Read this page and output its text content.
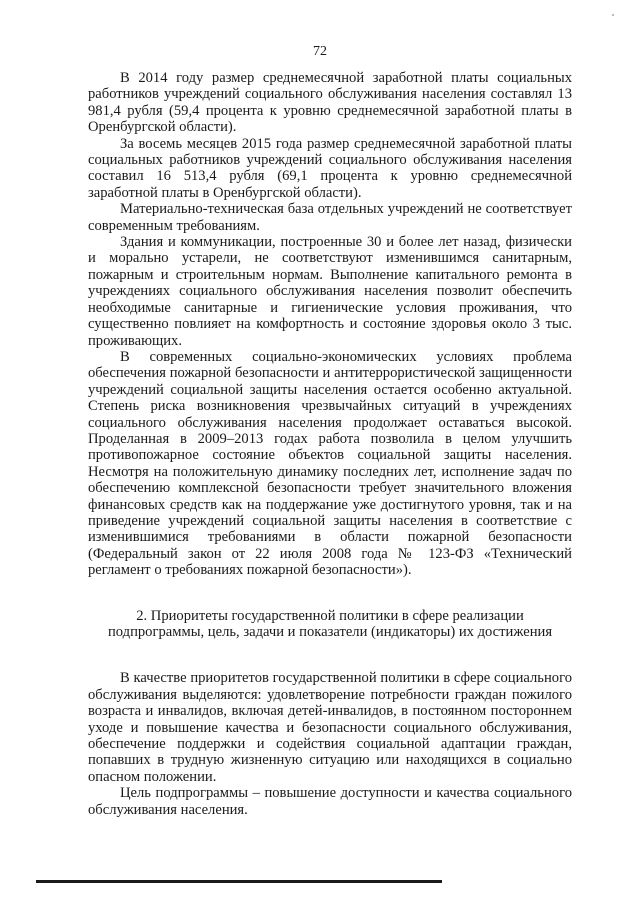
72

В 2014 году размер среднемесячной заработной платы социальных работников учреждений социального обслуживания населения составлял 13 981,4 рубля (59,4 процента к уровню среднемесячной заработной платы в Оренбургской области).

За восемь месяцев 2015 года размер среднемесячной заработной платы социальных работников учреждений социального обслуживания населения составил 16 513,4 рубля (69,1 процента к уровню среднемесячной заработной платы в Оренбургской области).

Материально-техническая база отдельных учреждений не соответствует современным требованиям.

Здания и коммуникации, построенные 30 и более лет назад, физически и морально устарели, не соответствуют изменившимся санитарным, пожарным и строительным нормам. Выполнение капитального ремонта в учреждениях социального обслуживания населения позволит обеспечить необходимые санитарные и гигиенические условия проживания, что существенно повлияет на комфортность и состояние здоровья около 3 тыс. проживающих.

В современных социально-экономических условиях проблема обеспечения пожарной безопасности и антитеррористической защищенности учреждений социальной защиты населения остается особенно актуальной. Степень риска возникновения чрезвычайных ситуаций в учреждениях социального обслуживания населения продолжает оставаться высокой. Проделанная в 2009–2013 годах работа позволила в целом улучшить противопожарное состояние объектов социальной защиты населения. Несмотря на положительную динамику последних лет, исполнение задач по обеспечению комплексной безопасности требует значительного вложения финансовых средств как на поддержание уже достигнутого уровня, так и на приведение учреждений социальной защиты населения в соответствие с изменившимися требованиями в области пожарной безопасности (Федеральный закон от 22 июля 2008 года № 123-ФЗ «Технический регламент о требованиях пожарной безопасности»).

2. Приоритеты государственной политики в сфере реализации
подпрограммы, цель, задачи и показатели (индикаторы) их достижения

В качестве приоритетов государственной политики в сфере социального обслуживания выделяются: удовлетворение потребности граждан пожилого возраста и инвалидов, включая детей-инвалидов, в постоянном постороннем уходе и повышение качества и безопасности социального обслуживания, обеспечение поддержки и содействия социальной адаптации граждан, попавших в трудную жизненную ситуацию или находящихся в социально опасном положении.

Цель подпрограммы – повышение доступности и качества социального обслуживания населения.
